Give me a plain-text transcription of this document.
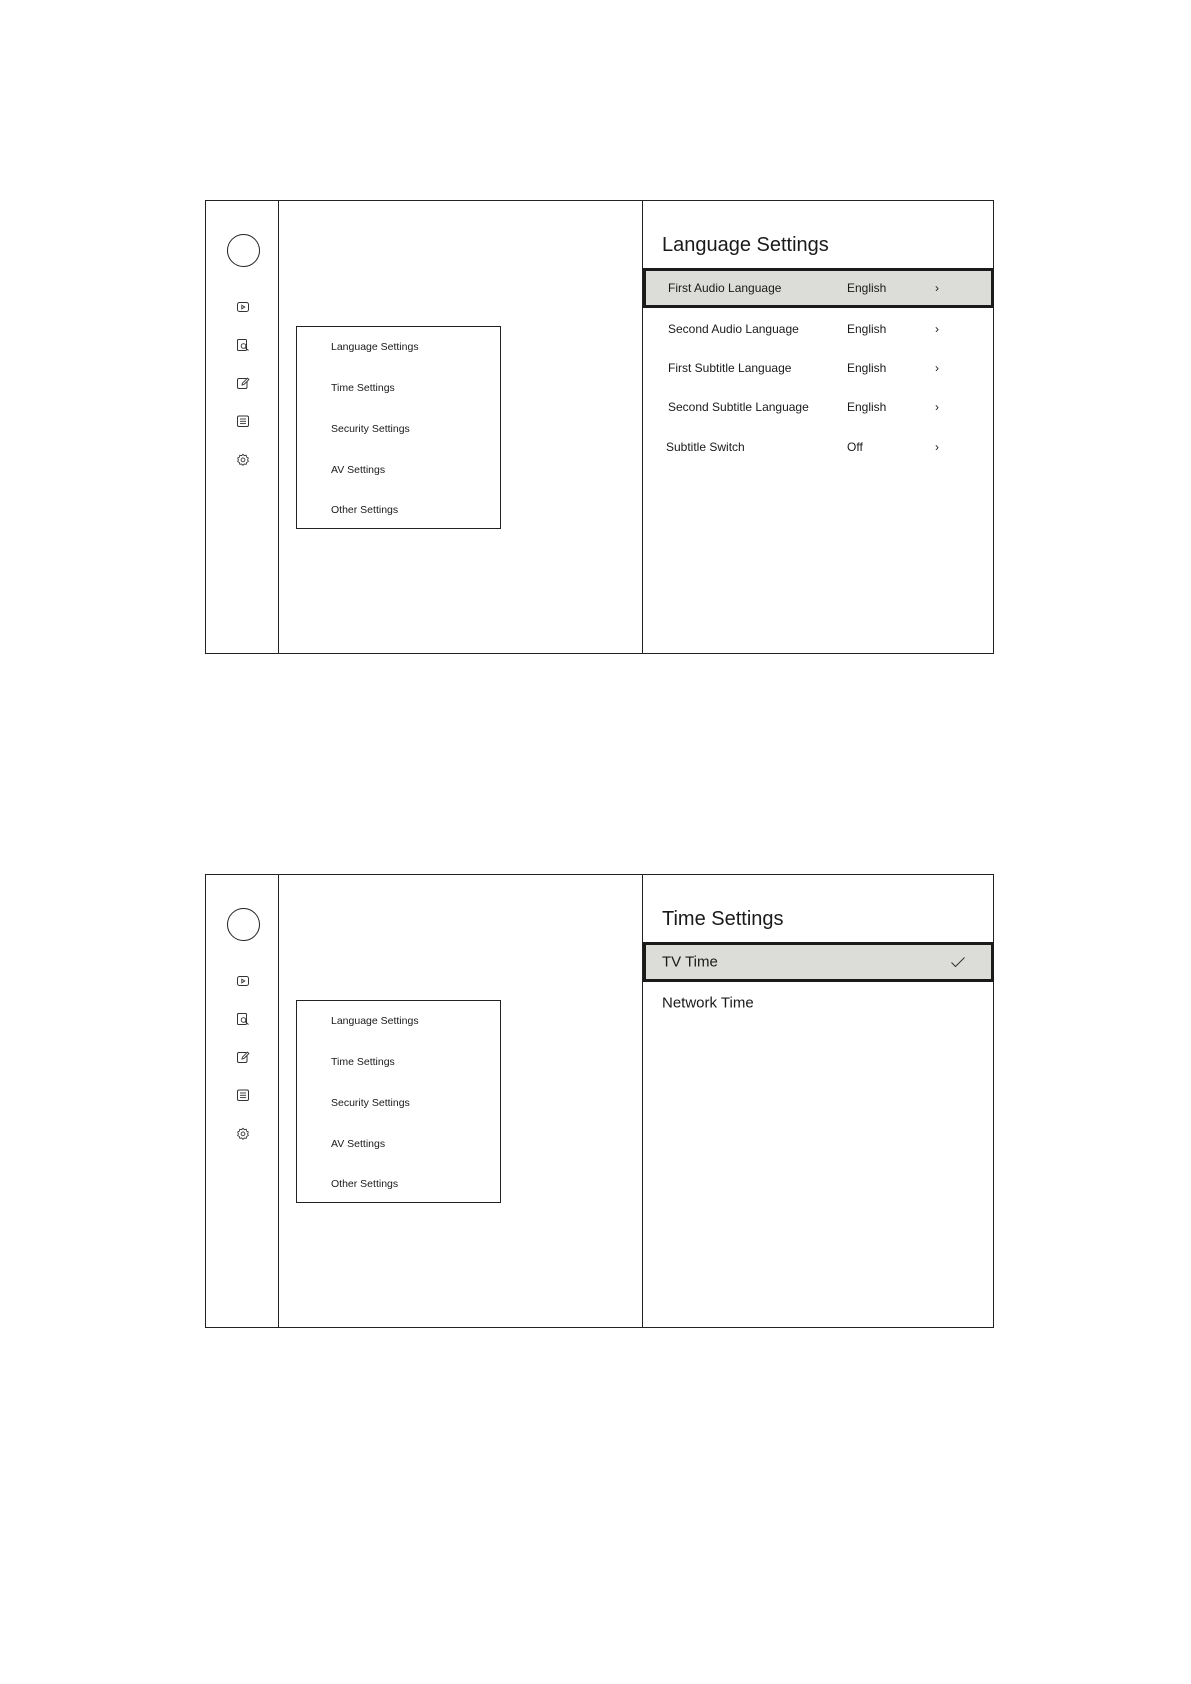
Language Settings
Time Settings
Security Settings
AV Settings
Other Settings
Language Settings
First Audio Language	English	›
Second Audio Language	English	›
First Subtitle Language	English	›
Second Subtitle Language	English	›
Subtitle Switch	Off	›
Language Settings
Time Settings
Security Settings
AV Settings
Other Settings
Time Settings
TV Time
Network Time
